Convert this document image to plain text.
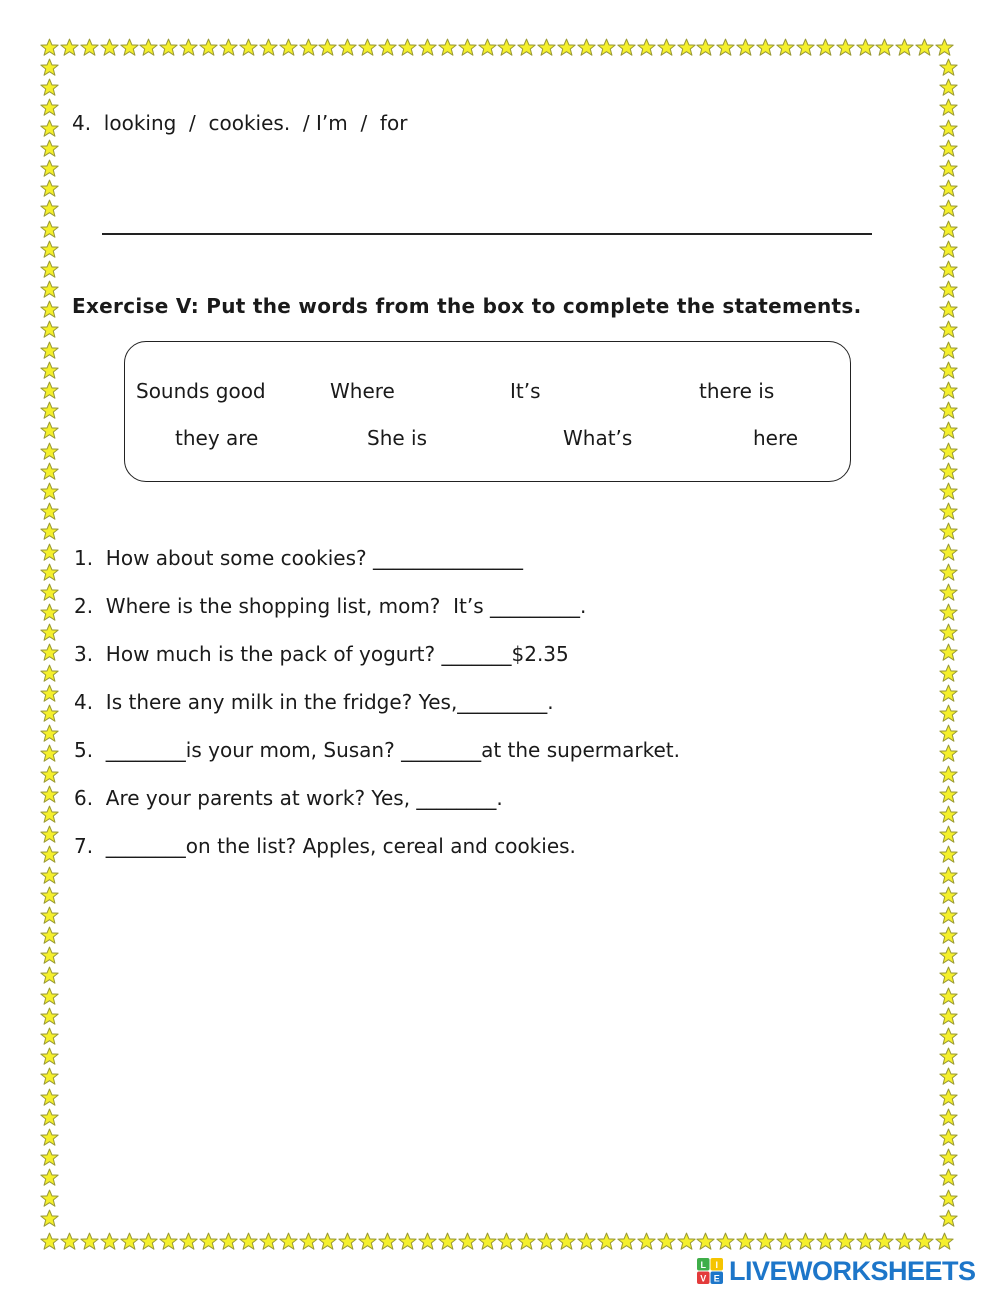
4.  looking  /  cookies.  / I’m  /  for
Exercise V: Put the words from the box to complete the statements.
Sounds good	Where	It’s	there is
they are	She is	What’s	here
1.  How about some cookies? _______________
2.  Where is the shopping list, mom?  It’s _________.
3.  How much is the pack of yogurt? _______$2.35
4.  Is there any milk in the fridge? Yes,_________.
5.  ________is your mom, Susan? ________at the supermarket.
6.  Are your parents at work? Yes, ________.
7.  ________on the list? Apples, cereal and cookies.
L I
V E LIVEWORKSHEETS
